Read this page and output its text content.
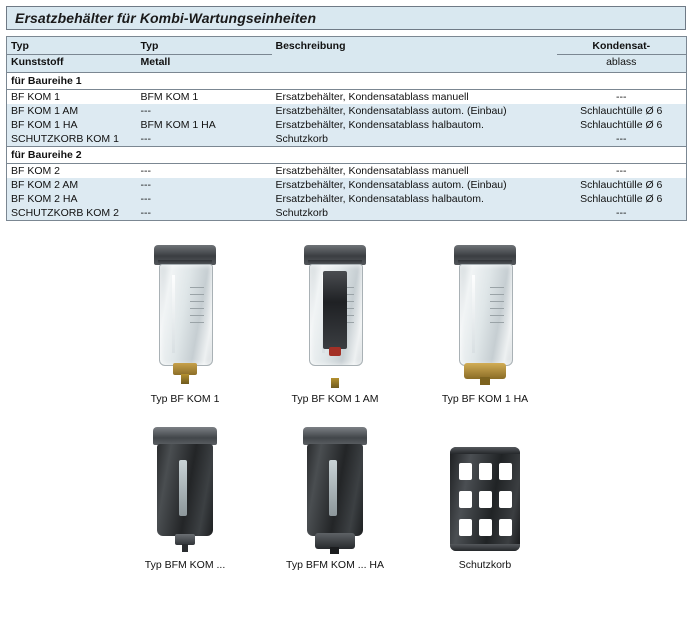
Ersatzbehälter für Kombi-Wartungseinheiten
Typ	Typ	Beschreibung	Kondensat-
Kunststoff	Metall		ablass
für Baureihe 1			
BF KOM 1	BFM KOM 1	Ersatzbehälter, Kondensatablass manuell	---
BF KOM 1 AM	---	Ersatzbehälter, Kondensatablass autom. (Einbau)	Schlauchtülle Ø 6
BF KOM 1 HA	BFM KOM 1 HA	Ersatzbehälter, Kondensatablass halbautom.	Schlauchtülle Ø 6
SCHUTZKORB KOM 1	---	Schutzkorb	---
für Baureihe 2			
BF KOM 2	---	Ersatzbehälter, Kondensatablass manuell	---
BF KOM 2 AM	---	Ersatzbehälter, Kondensatablass autom. (Einbau)	Schlauchtülle Ø 6
BF KOM 2 HA	---	Ersatzbehälter, Kondensatablass halbautom.	Schlauchtülle Ø 6
SCHUTZKORB KOM 2	---	Schutzkorb	---
Typ BF KOM 1	Typ BF KOM 1 AM	Typ BF KOM 1 HA
Typ BFM KOM ...	Typ BFM KOM ... HA	Schutzkorb
